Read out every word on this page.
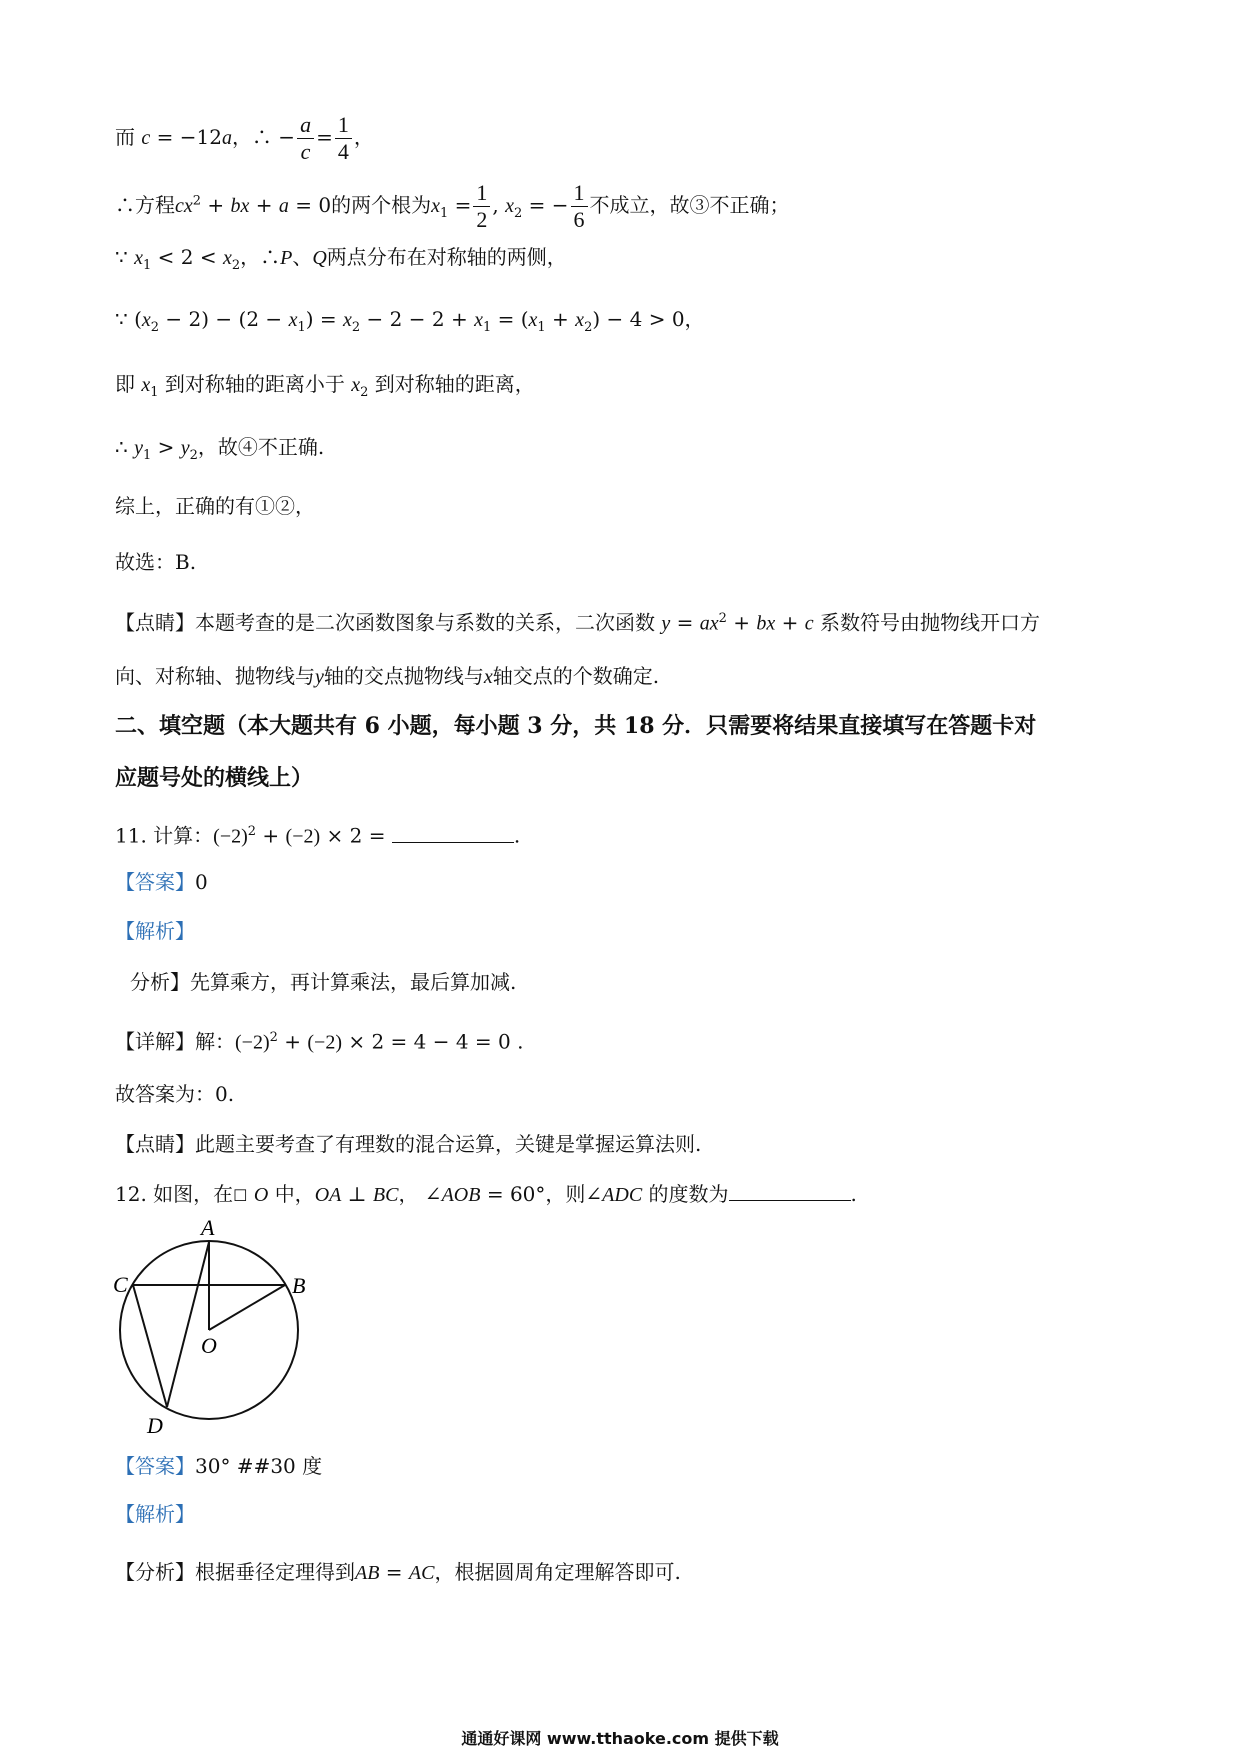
而 c = −12a，∴ − $\frac{a}{c} = \frac{1}{4}$ ，
∴方程$cx^2$ + bx + a = 0的两个根为$x_1 = \frac{1}{2}$ , $x_2$ = − $\frac{1}{6}$ 不成立，故③不正确；
∵ $x_1 < 2 < x_2$，∴P、Q两点分布在对称轴的两侧，
∵ $(x_2 - 2) - (2 - x_1) = x_2 - 2 - 2 + x_1 = (x_1 + x_2) - 4 > 0$，
即 $x_1$ 到对称轴的距离小于 $x_2$ 到对称轴的距离，
∴ $y_1 > y_2$，故④不正确.
综上，正确的有①②，
故选：B.
【点睛】本题考查的是二次函数图象与系数的关系，二次函数 $y = ax^2$ + bx + c 系数符号由抛物线开口方
向、对称轴、抛物线与y轴的交点抛物线与x轴交点的个数确定.
二、填空题（本大题共有 6 小题，每小题 3 分，共 18 分．只需要将结果直接填写在答题卡对
应题号处的横线上）
11. 计算：$(-2)^2 + (-2) \times 2$ =	.
【答案】0
【解析】
分析】先算乘方，再计算乘法，最后算加减.
【详解】解：$(-2)^2 + (-2) \times 2 = 4 - 4 = 0$ .
故答案为：0.
【点睛】此题主要考查了有理数的混合运算，关键是掌握运算法则.
12. 如图，在☐ O 中，OA ⊥ BC， ∠AOB = 60°，则∠ADC 的度数为	.
A
C	B
O
D
【答案】30° ##30 度
【解析】
【分析】根据垂径定理得到AB = AC，根据圆周角定理解答即可.
通通好课网 www.tthaoke.com 提供下载
